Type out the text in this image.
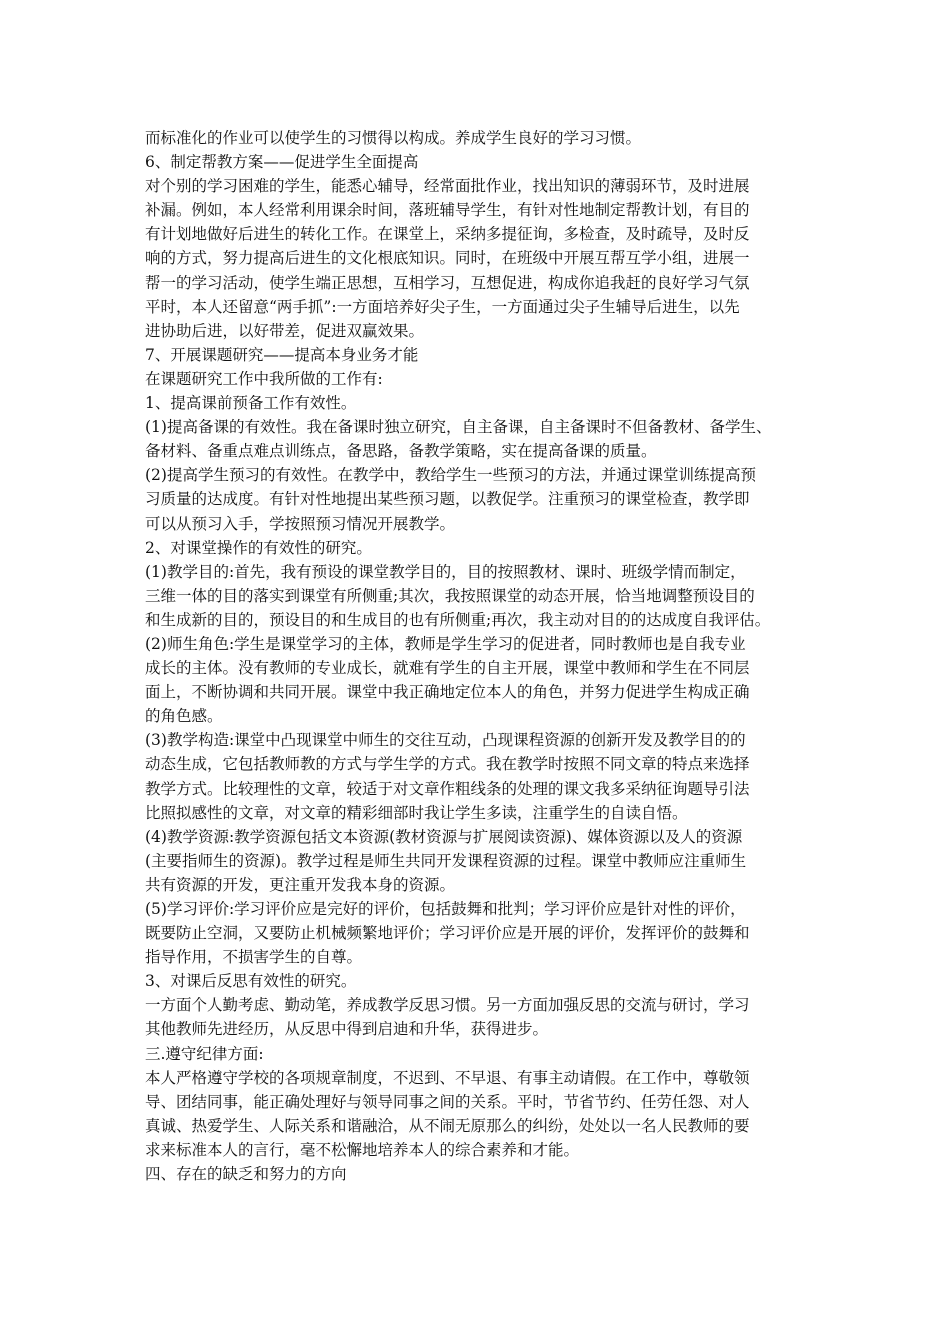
而标准化的作业可以使学生的习惯得以构成。养成学生良好的学习习惯。
6、制定帮教方案——促进学生全面提高
对个别的学习困难的学生，能悉心辅导，经常面批作业，找出知识的薄弱环节，及时进展
补漏。例如，本人经常利用课余时间，落班辅导学生，有针对性地制定帮教计划，有目的
有计划地做好后进生的转化工作。在课堂上，采纳多提征询，多检查，及时疏导，及时反
响的方式，努力提高后进生的文化根底知识。同时，在班级中开展互帮互学小组，进展一
帮一的学习活动，使学生端正思想，互相学习，互想促进，构成你追我赶的良好学习气氛
平时，本人还留意“两手抓”:一方面培养好尖子生，一方面通过尖子生辅导后进生，以先
进协助后进，以好带差，促进双赢效果。
7、开展课题研究——提高本身业务才能
在课题研究工作中我所做的工作有:
1、提高课前预备工作有效性。
(1)提高备课的有效性。我在备课时独立研究，自主备课，自主备课时不但备教材、备学生、
备材料、备重点难点训练点，备思路，备教学策略，实在提高备课的质量。
(2)提高学生预习的有效性。在教学中，教给学生一些预习的方法，并通过课堂训练提高预
习质量的达成度。有针对性地提出某些预习题，以教促学。注重预习的课堂检查，教学即
可以从预习入手，学按照预习情况开展教学。
2、对课堂操作的有效性的研究。
(1)教学目的:首先，我有预设的课堂教学目的，目的按照教材、课时、班级学情而制定，
三维一体的目的落实到课堂有所侧重;其次，我按照课堂的动态开展，恰当地调整预设目的
和生成新的目的，预设目的和生成目的也有所侧重;再次，我主动对目的的达成度自我评估。
(2)师生角色:学生是课堂学习的主体，教师是学生学习的促进者，同时教师也是自我专业
成长的主体。没有教师的专业成长，就难有学生的自主开展，课堂中教师和学生在不同层
面上，不断协调和共同开展。课堂中我正确地定位本人的角色，并努力促进学生构成正确
的角色感。
(3)教学构造:课堂中凸现课堂中师生的交往互动，凸现课程资源的创新开发及教学目的的
动态生成，它包括教师教的方式与学生学的方式。我在教学时按照不同文章的特点来选择
教学方式。比较理性的文章，较适于对文章作粗线条的处理的课文我多采纳征询题导引法
比照拟感性的文章，对文章的精彩细部时我让学生多读，注重学生的自读自悟。
(4)教学资源:教学资源包括文本资源(教材资源与扩展阅读资源)、媒体资源以及人的资源
(主要指师生的资源)。教学过程是师生共同开发课程资源的过程。课堂中教师应注重师生
共有资源的开发，更注重开发我本身的资源。
(5)学习评价:学习评价应是完好的评价，包括鼓舞和批判；学习评价应是针对性的评价，
既要防止空洞，又要防止机械频繁地评价；学习评价应是开展的评价，发挥评价的鼓舞和
指导作用，不损害学生的自尊。
3、对课后反思有效性的研究。
一方面个人勤考虑、勤动笔，养成教学反思习惯。另一方面加强反思的交流与研讨，学习
其他教师先进经历，从反思中得到启迪和升华，获得进步。
三.遵守纪律方面:
本人严格遵守学校的各项规章制度，不迟到、不早退、有事主动请假。在工作中，尊敬领
导、团结同事，能正确处理好与领导同事之间的关系。平时，节省节约、任劳任怨、对人
真诚、热爱学生、人际关系和谐融洽，从不闹无原那么的纠纷，处处以一名人民教师的要
求来标准本人的言行，毫不松懈地培养本人的综合素养和才能。
四、存在的缺乏和努力的方向
